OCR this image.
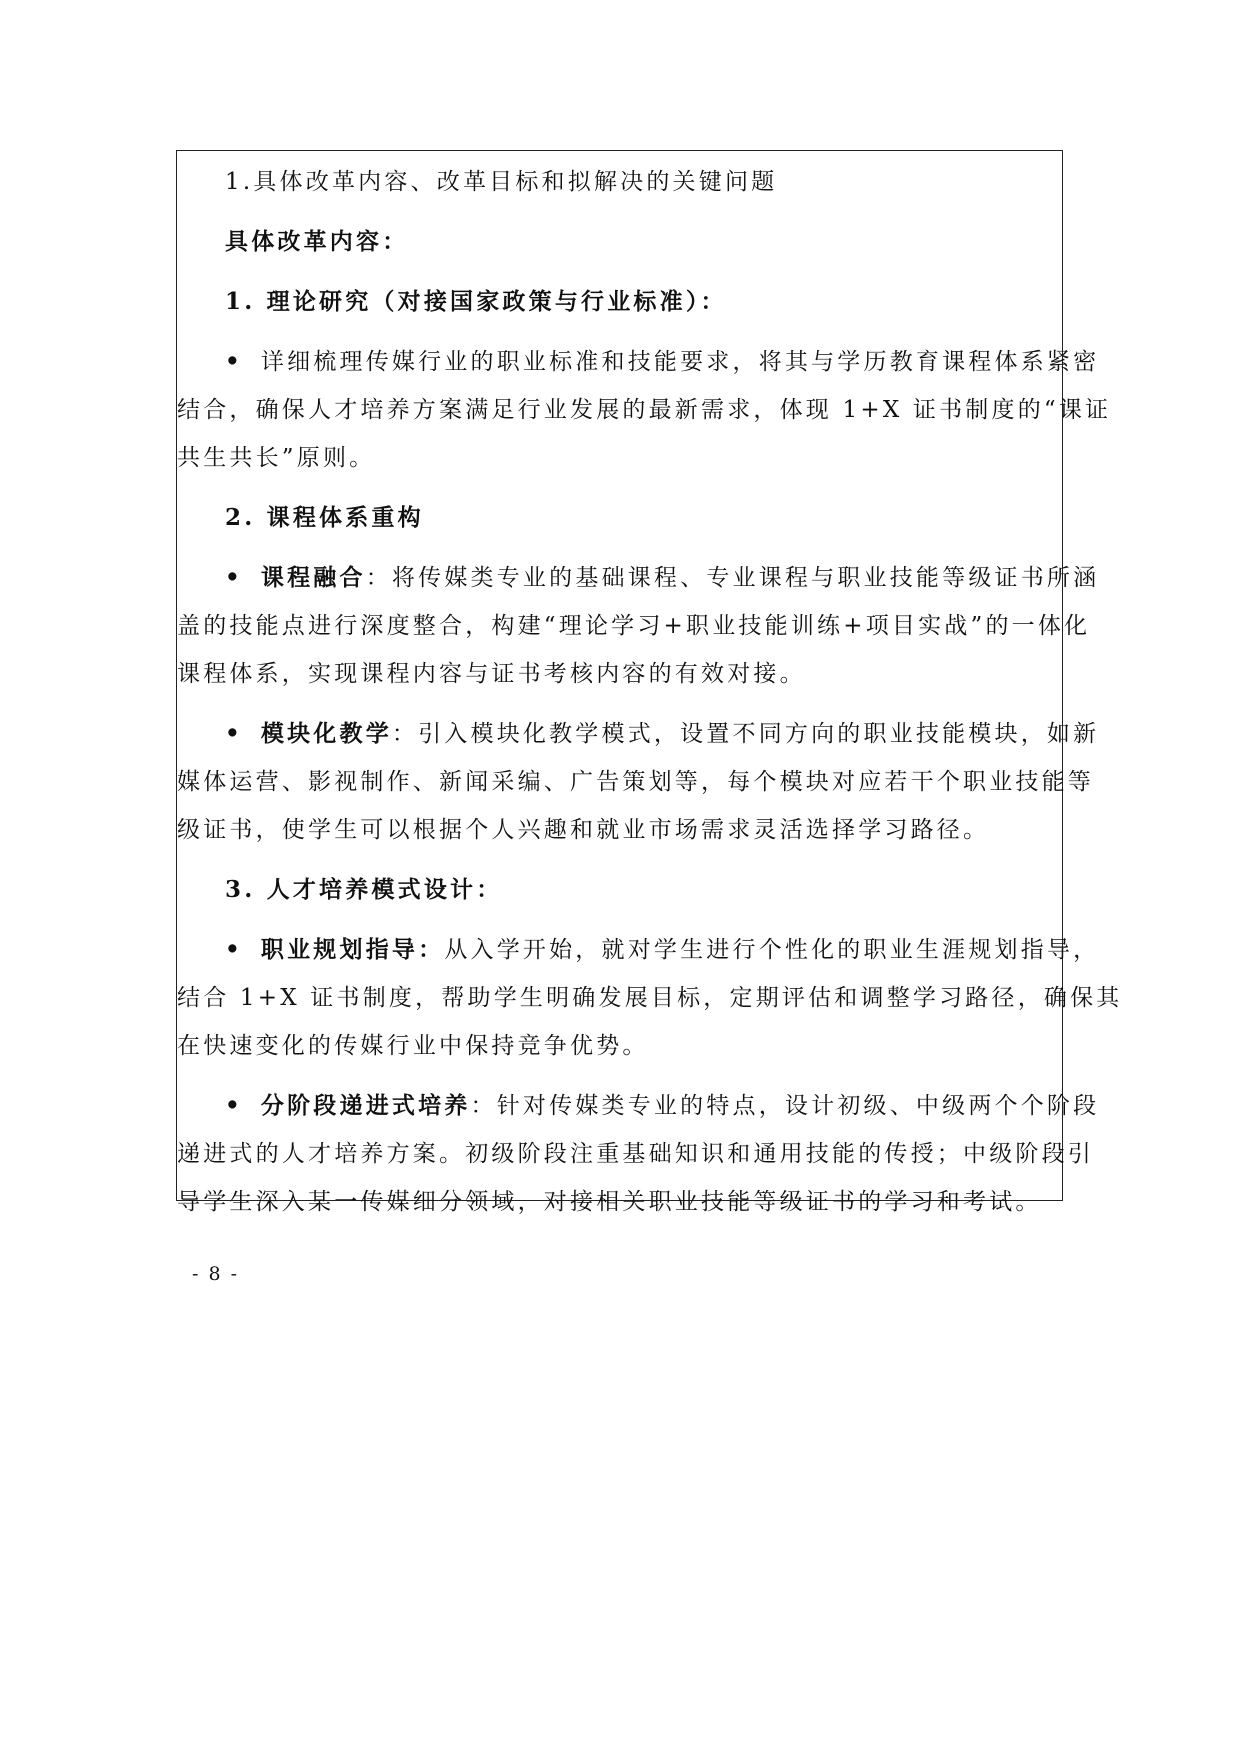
1.具体改革内容、改革目标和拟解决的关键问题
具体改革内容：
1. 理论研究（对接国家政策与行业标准）：
• 详细梳理传媒行业的职业标准和技能要求，将其与学历教育课程体系紧密
结合，确保人才培养方案满足行业发展的最新需求，体现 1+X 证书制度的“课证
共生共长”原则。
2. 课程体系重构
• 课程融合：将传媒类专业的基础课程、专业课程与职业技能等级证书所涵
盖的技能点进行深度整合，构建“理论学习+职业技能训练+项目实战”的一体化
课程体系，实现课程内容与证书考核内容的有效对接。
• 模块化教学：引入模块化教学模式，设置不同方向的职业技能模块，如新
媒体运营、影视制作、新闻采编、广告策划等，每个模块对应若干个职业技能等
级证书，使学生可以根据个人兴趣和就业市场需求灵活选择学习路径。
3. 人才培养模式设计：
• 职业规划指导：从入学开始，就对学生进行个性化的职业生涯规划指导，
结合 1+X 证书制度，帮助学生明确发展目标，定期评估和调整学习路径，确保其
在快速变化的传媒行业中保持竞争优势。
• 分阶段递进式培养：针对传媒类专业的特点，设计初级、中级两个个阶段
递进式的人才培养方案。初级阶段注重基础知识和通用技能的传授；中级阶段引
导学生深入某一传媒细分领域，对接相关职业技能等级证书的学习和考试。
- 8 -
